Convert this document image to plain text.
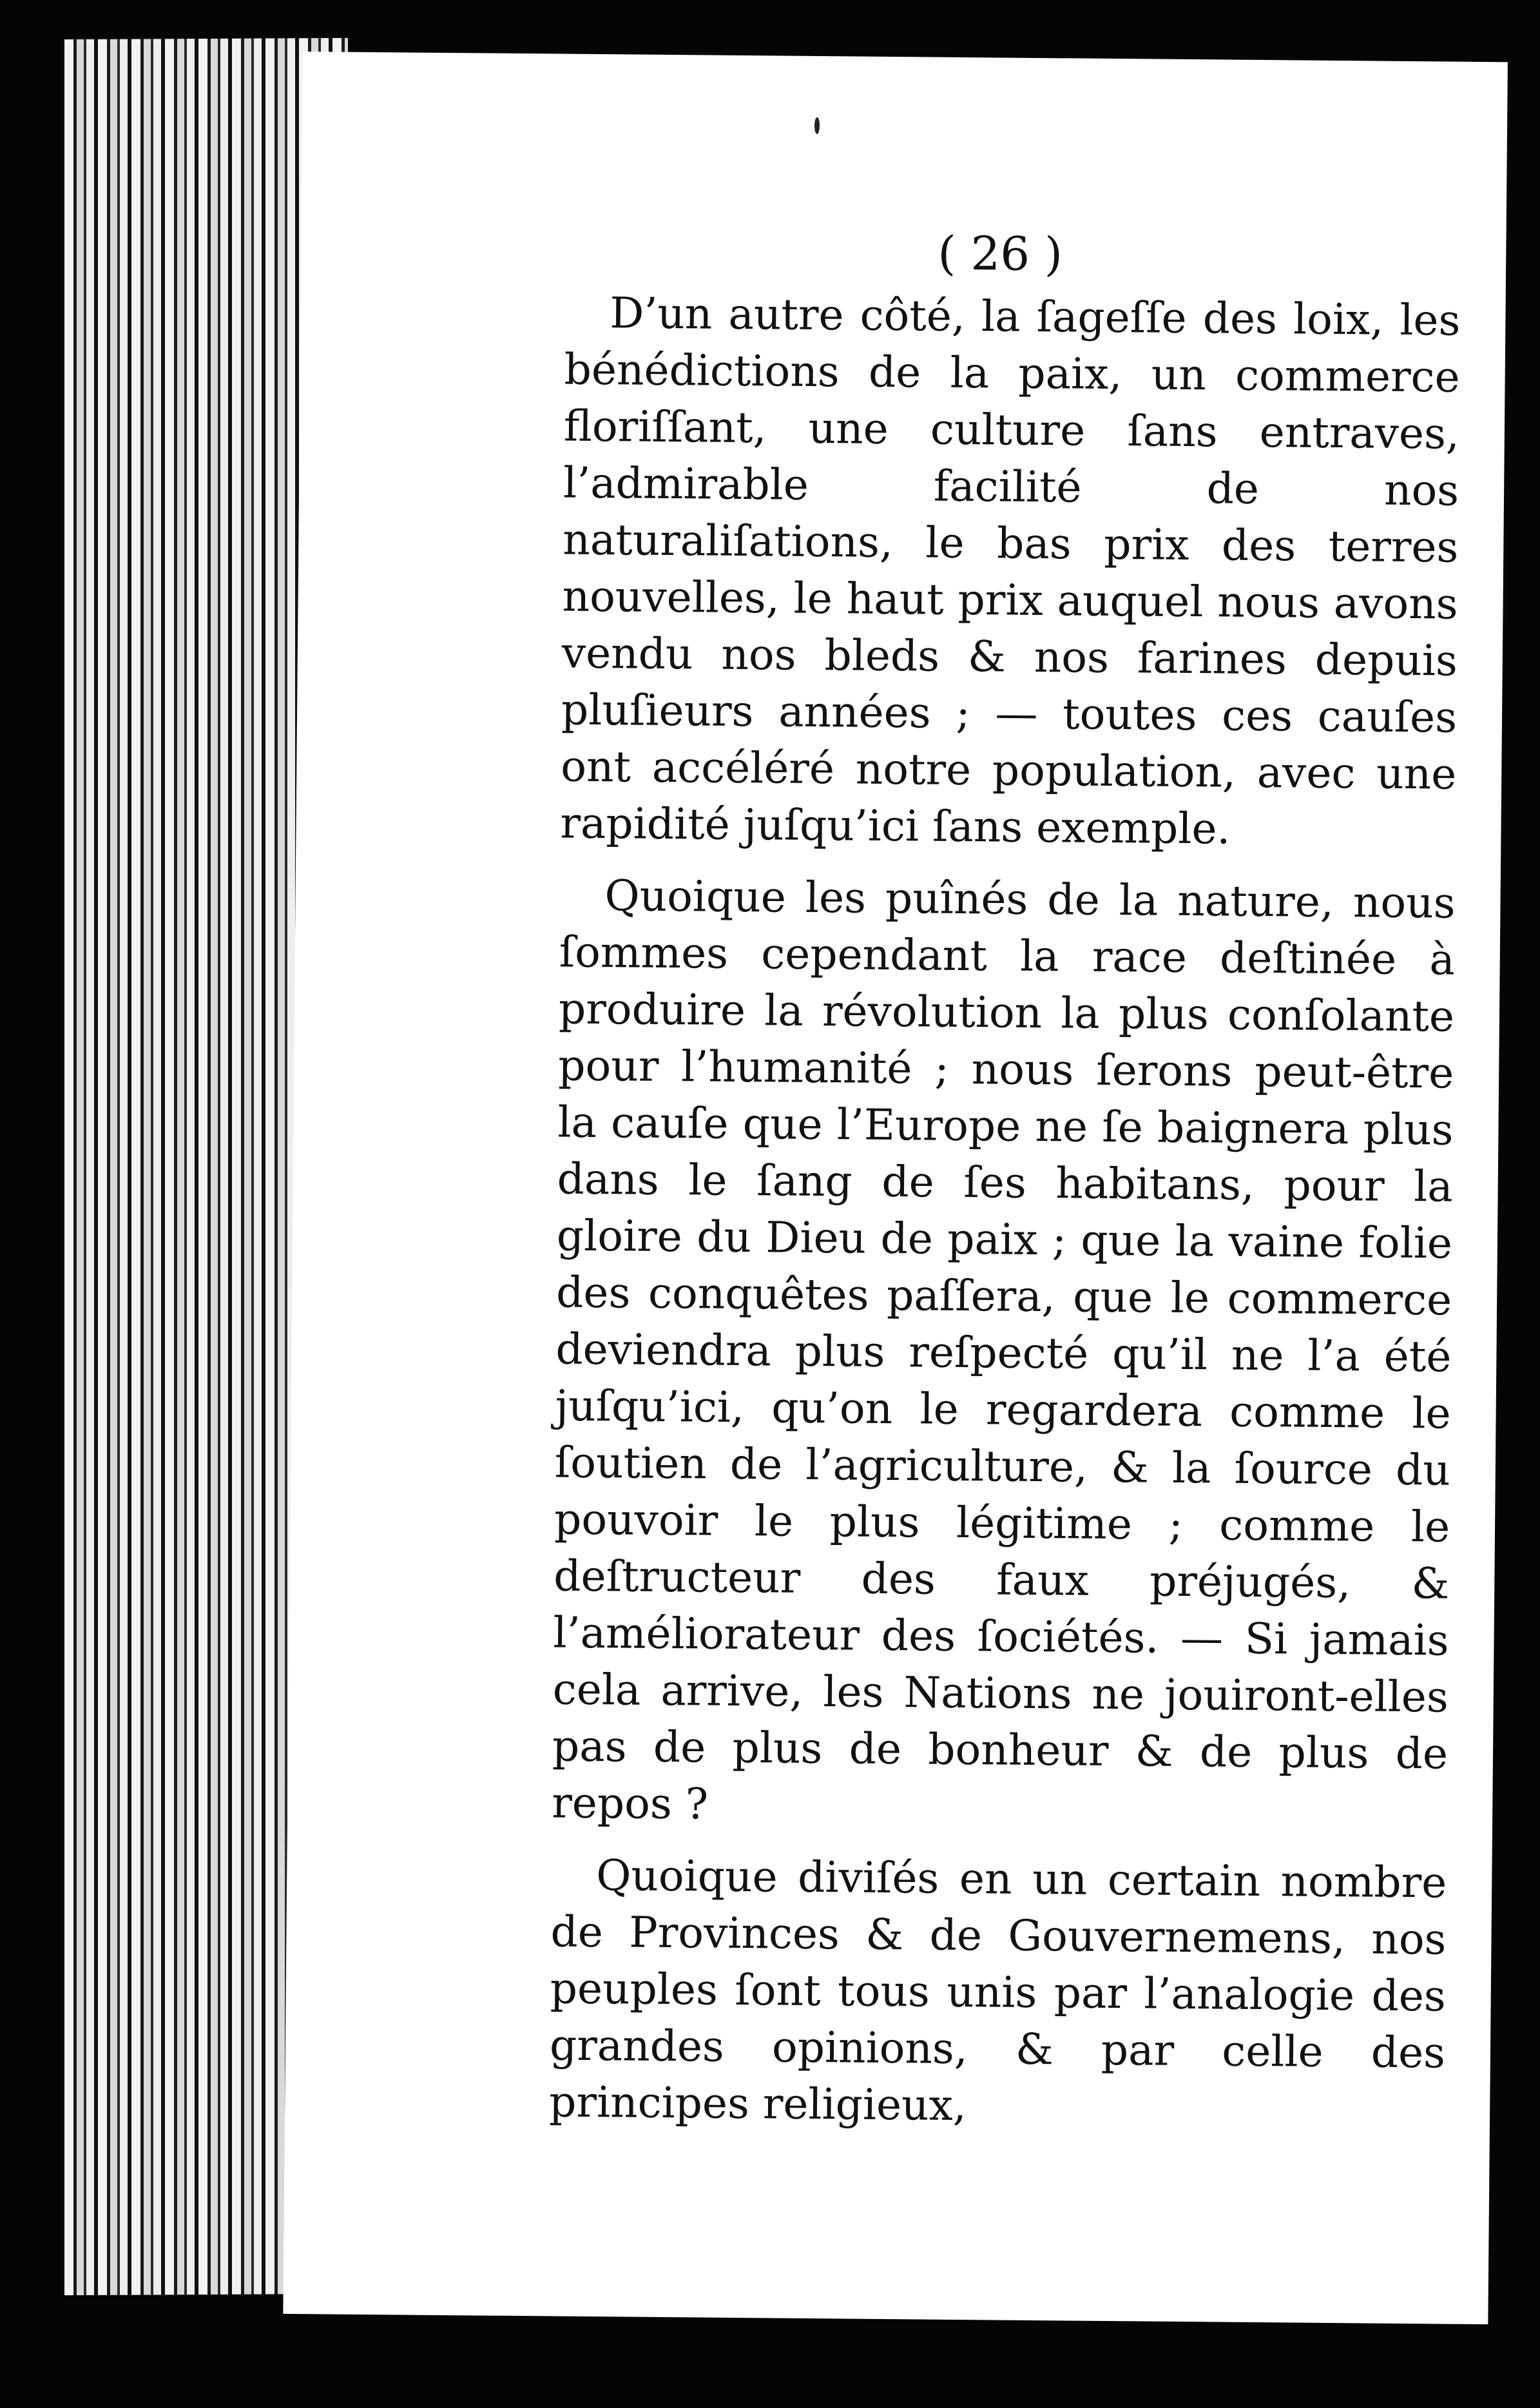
( 26 )

D’un autre côté, la ſageſſe des loix, les bénédictions de la paix, un commerce floriſſant, une culture ſans entraves, l’admirable facilité de nos naturaliſations, le bas prix des terres nouvelles, le haut prix auquel nous avons vendu nos bleds & nos farines depuis pluſieurs années ; — toutes ces cauſes ont accéléré notre population, avec une rapidité juſqu’ici ſans exemple.

Quoique les puînés de la nature, nous ſommes cependant la race deſtinée à produire la révolution la plus conſolante pour l’humanité ; nous ſerons peut-être la cauſe que l’Europe ne ſe baignera plus dans le ſang de ſes habitans, pour la gloire du Dieu de paix ; que la vaine folie des conquêtes paſſera, que le commerce deviendra plus reſpecté qu’il ne l’a été juſqu’ici, qu’on le regardera comme le ſoutien de l’agriculture, & la ſource du pouvoir le plus légitime ; comme le deſtructeur des faux préjugés, & l’améliorateur des ſociétés. — Si jamais cela arrive, les Nations ne jouiront-elles pas de plus de bonheur & de plus de repos ?

Quoique diviſés en un certain nombre de Provinces & de Gouvernemens, nos peuples ſont tous unis par l’analogie des grandes opinions, & par celle des principes religieux,
